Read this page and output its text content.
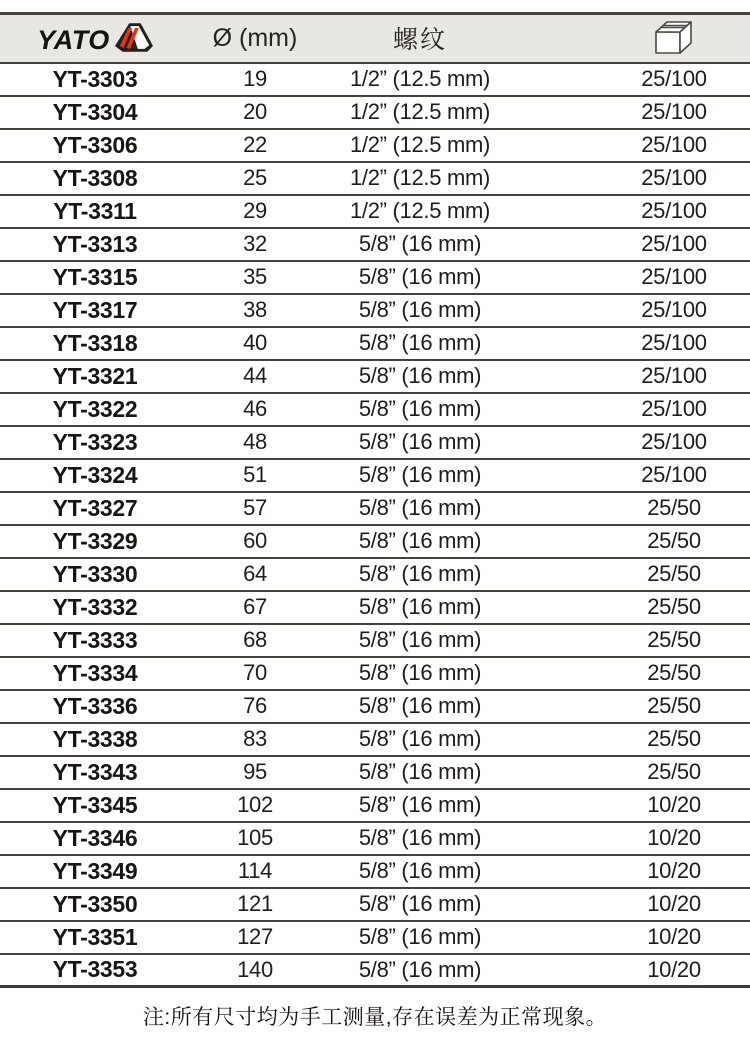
YATO	Ø (mm)	螺纹	
YT-3303	19	1/2” (12.5 mm)	25/100
YT-3304	20	1/2” (12.5 mm)	25/100
YT-3306	22	1/2” (12.5 mm)	25/100
YT-3308	25	1/2” (12.5 mm)	25/100
YT-3311	29	1/2” (12.5 mm)	25/100
YT-3313	32	5/8” (16 mm)	25/100
YT-3315	35	5/8” (16 mm)	25/100
YT-3317	38	5/8” (16 mm)	25/100
YT-3318	40	5/8” (16 mm)	25/100
YT-3321	44	5/8” (16 mm)	25/100
YT-3322	46	5/8” (16 mm)	25/100
YT-3323	48	5/8” (16 mm)	25/100
YT-3324	51	5/8” (16 mm)	25/100
YT-3327	57	5/8” (16 mm)	25/50
YT-3329	60	5/8” (16 mm)	25/50
YT-3330	64	5/8” (16 mm)	25/50
YT-3332	67	5/8” (16 mm)	25/50
YT-3333	68	5/8” (16 mm)	25/50
YT-3334	70	5/8” (16 mm)	25/50
YT-3336	76	5/8” (16 mm)	25/50
YT-3338	83	5/8” (16 mm)	25/50
YT-3343	95	5/8” (16 mm)	25/50
YT-3345	102	5/8” (16 mm)	10/20
YT-3346	105	5/8” (16 mm)	10/20
YT-3349	114	5/8” (16 mm)	10/20
YT-3350	121	5/8” (16 mm)	10/20
YT-3351	127	5/8” (16 mm)	10/20
YT-3353	140	5/8” (16 mm)	10/20
注:所有尺寸均为手工测量,存在误差为正常现象。
